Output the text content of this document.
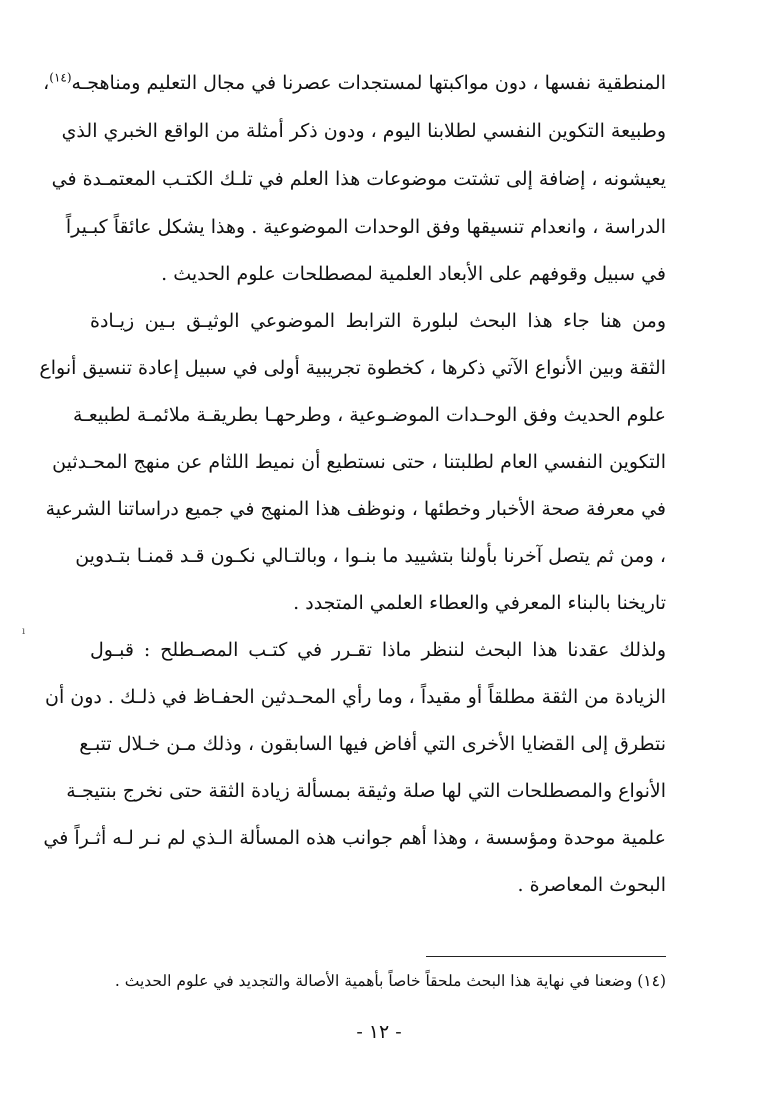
المنطقية نفسها ، دون مواكبتها لمستجدات عصرنا في مجال التعليم ومناهجـه$^{(١٤)}$،
وطبيعة التكوين النفسي لطلابنا اليوم ، ودون ذكر أمثلة من الواقع الخبري الذي
يعيشونه ، إضافة إلى تشتت موضوعات هذا العلم في تلـك الكتـب المعتمـدة في
الدراسة ، وانعدام تنسيقها وفق الوحدات الموضوعية . وهذا يشكل عائقاً كبـيراً
في سبيل وقوفهم على الأبعاد العلمية لمصطلحات علوم الحديث .
ومن هنا جاء هذا البحث لبلورة الترابط الموضوعي الوثيـق بـين زيـادة
الثقة وبين الأنواع الآتي ذكرها ، كخطوة تجريبية أولى في سبيل إعادة تنسيق أنواع
علوم الحديث وفق الوحـدات الموضـوعية ، وطرحهـا بطريقـة ملائمـة لطبيعـة
التكوين النفسي العام لطلبتنا ، حتى نستطيع أن نميط اللثام عن منهج المحـدثين
في معرفة صحة الأخبار وخطئها ، ونوظف هذا المنهج في جميع دراساتنا الشرعية
، ومن ثم يتصل آخرنا بأولنا بتشييد ما بنـوا ، وبالتـالي نكـون قـد قمنـا بتـدوين
تاريخنا بالبناء المعرفي والعطاء العلمي المتجدد .
ولذلك عقدنا هذا البحث لننظر ماذا تقـرر في كتـب المصـطلح : قبـول
الزيادة من الثقة مطلقاً أو مقيداً ، وما رأي المحـدثين الحفـاظ في ذلـك . دون أن
نتطرق إلى القضايا الأخرى التي أفاض فيها السابقون ، وذلك مـن خـلال تتبـع
الأنواع والمصطلحات التي لها صلة وثيقة بمسألة زيادة الثقة حتى نخرج بنتيجـة
علمية موحدة ومؤسسة ، وهذا أهم جوانب هذه المسألة الـذي لم نـر لـه أثـراً في
البحوث المعاصرة .
(١٤) وضعنا في نهاية هذا البحث ملحقاً خاصاً بأهمية الأصالة والتجديد في علوم الحديث .
- ١٢ -
ı
